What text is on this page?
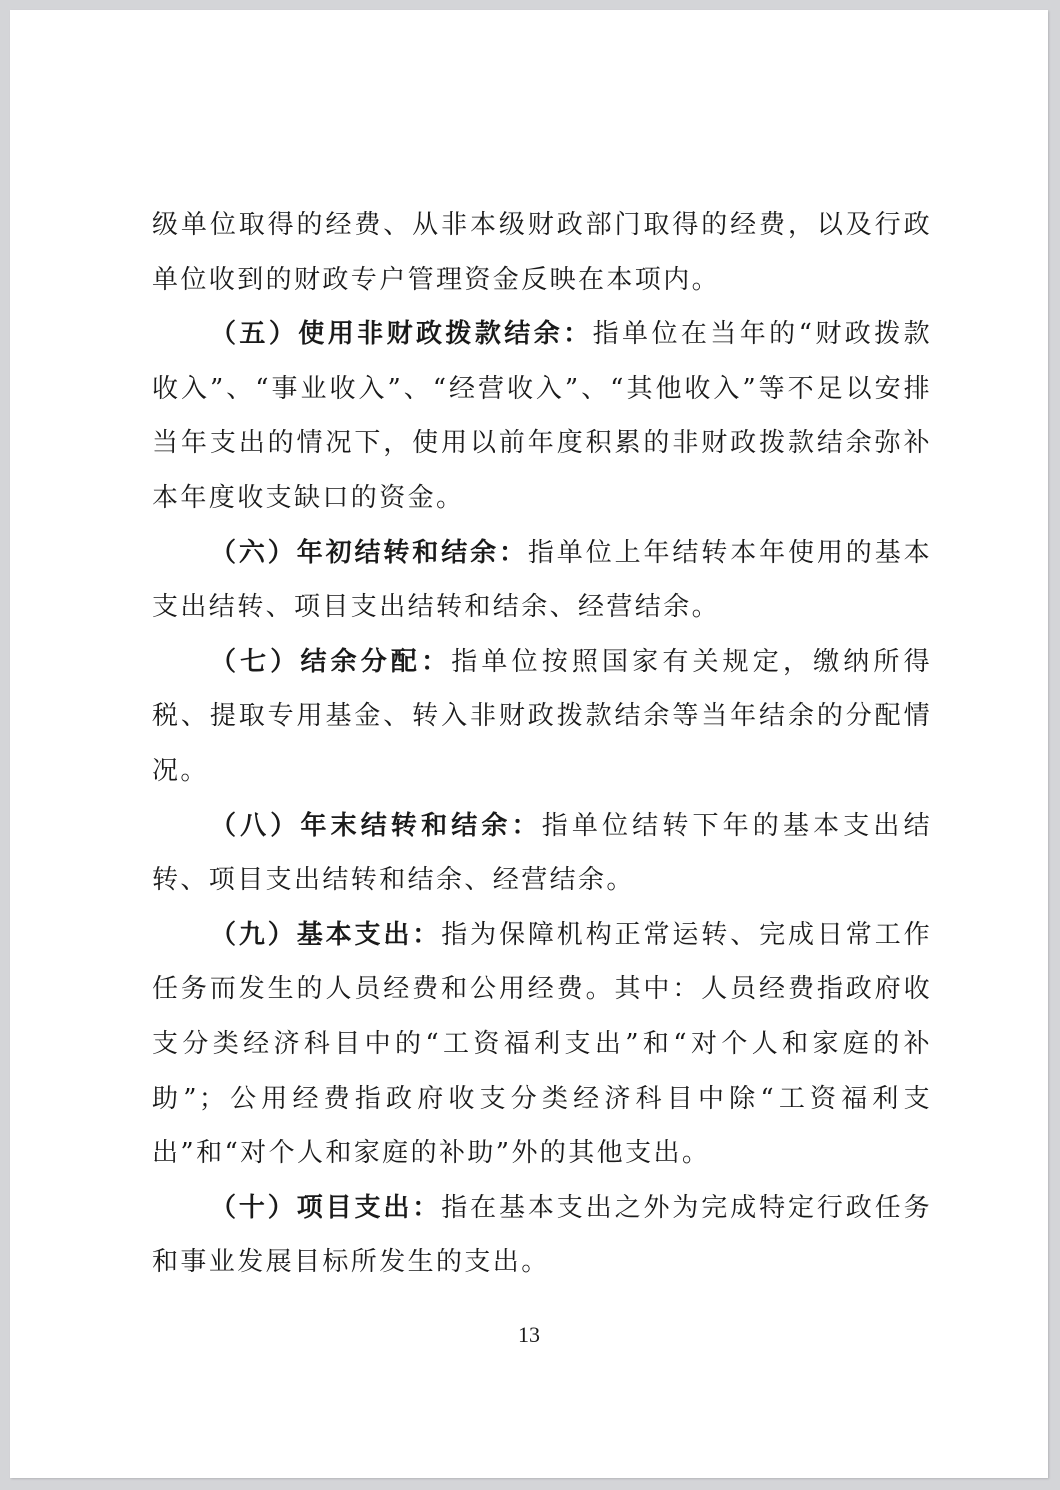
级单位取得的经费、从非本级财政部门取得的经费，以及行政单位收到的财政专户管理资金反映在本项内。

（五）使用非财政拨款结余：指单位在当年的“财政拨款收入”、“事业收入”、“经营收入”、“其他收入”等不足以安排当年支出的情况下，使用以前年度积累的非财政拨款结余弥补本年度收支缺口的资金。

（六）年初结转和结余：指单位上年结转本年使用的基本支出结转、项目支出结转和结余、经营结余。

（七）结余分配：指单位按照国家有关规定，缴纳所得税、提取专用基金、转入非财政拨款结余等当年结余的分配情况。

（八）年末结转和结余：指单位结转下年的基本支出结转、项目支出结转和结余、经营结余。

（九）基本支出：指为保障机构正常运转、完成日常工作任务而发生的人员经费和公用经费。其中：人员经费指政府收支分类经济科目中的“工资福利支出”和“对个人和家庭的补助”；公用经费指政府收支分类经济科目中除“工资福利支出”和“对个人和家庭的补助”外的其他支出。

（十）项目支出：指在基本支出之外为完成特定行政任务和事业发展目标所发生的支出。

13
